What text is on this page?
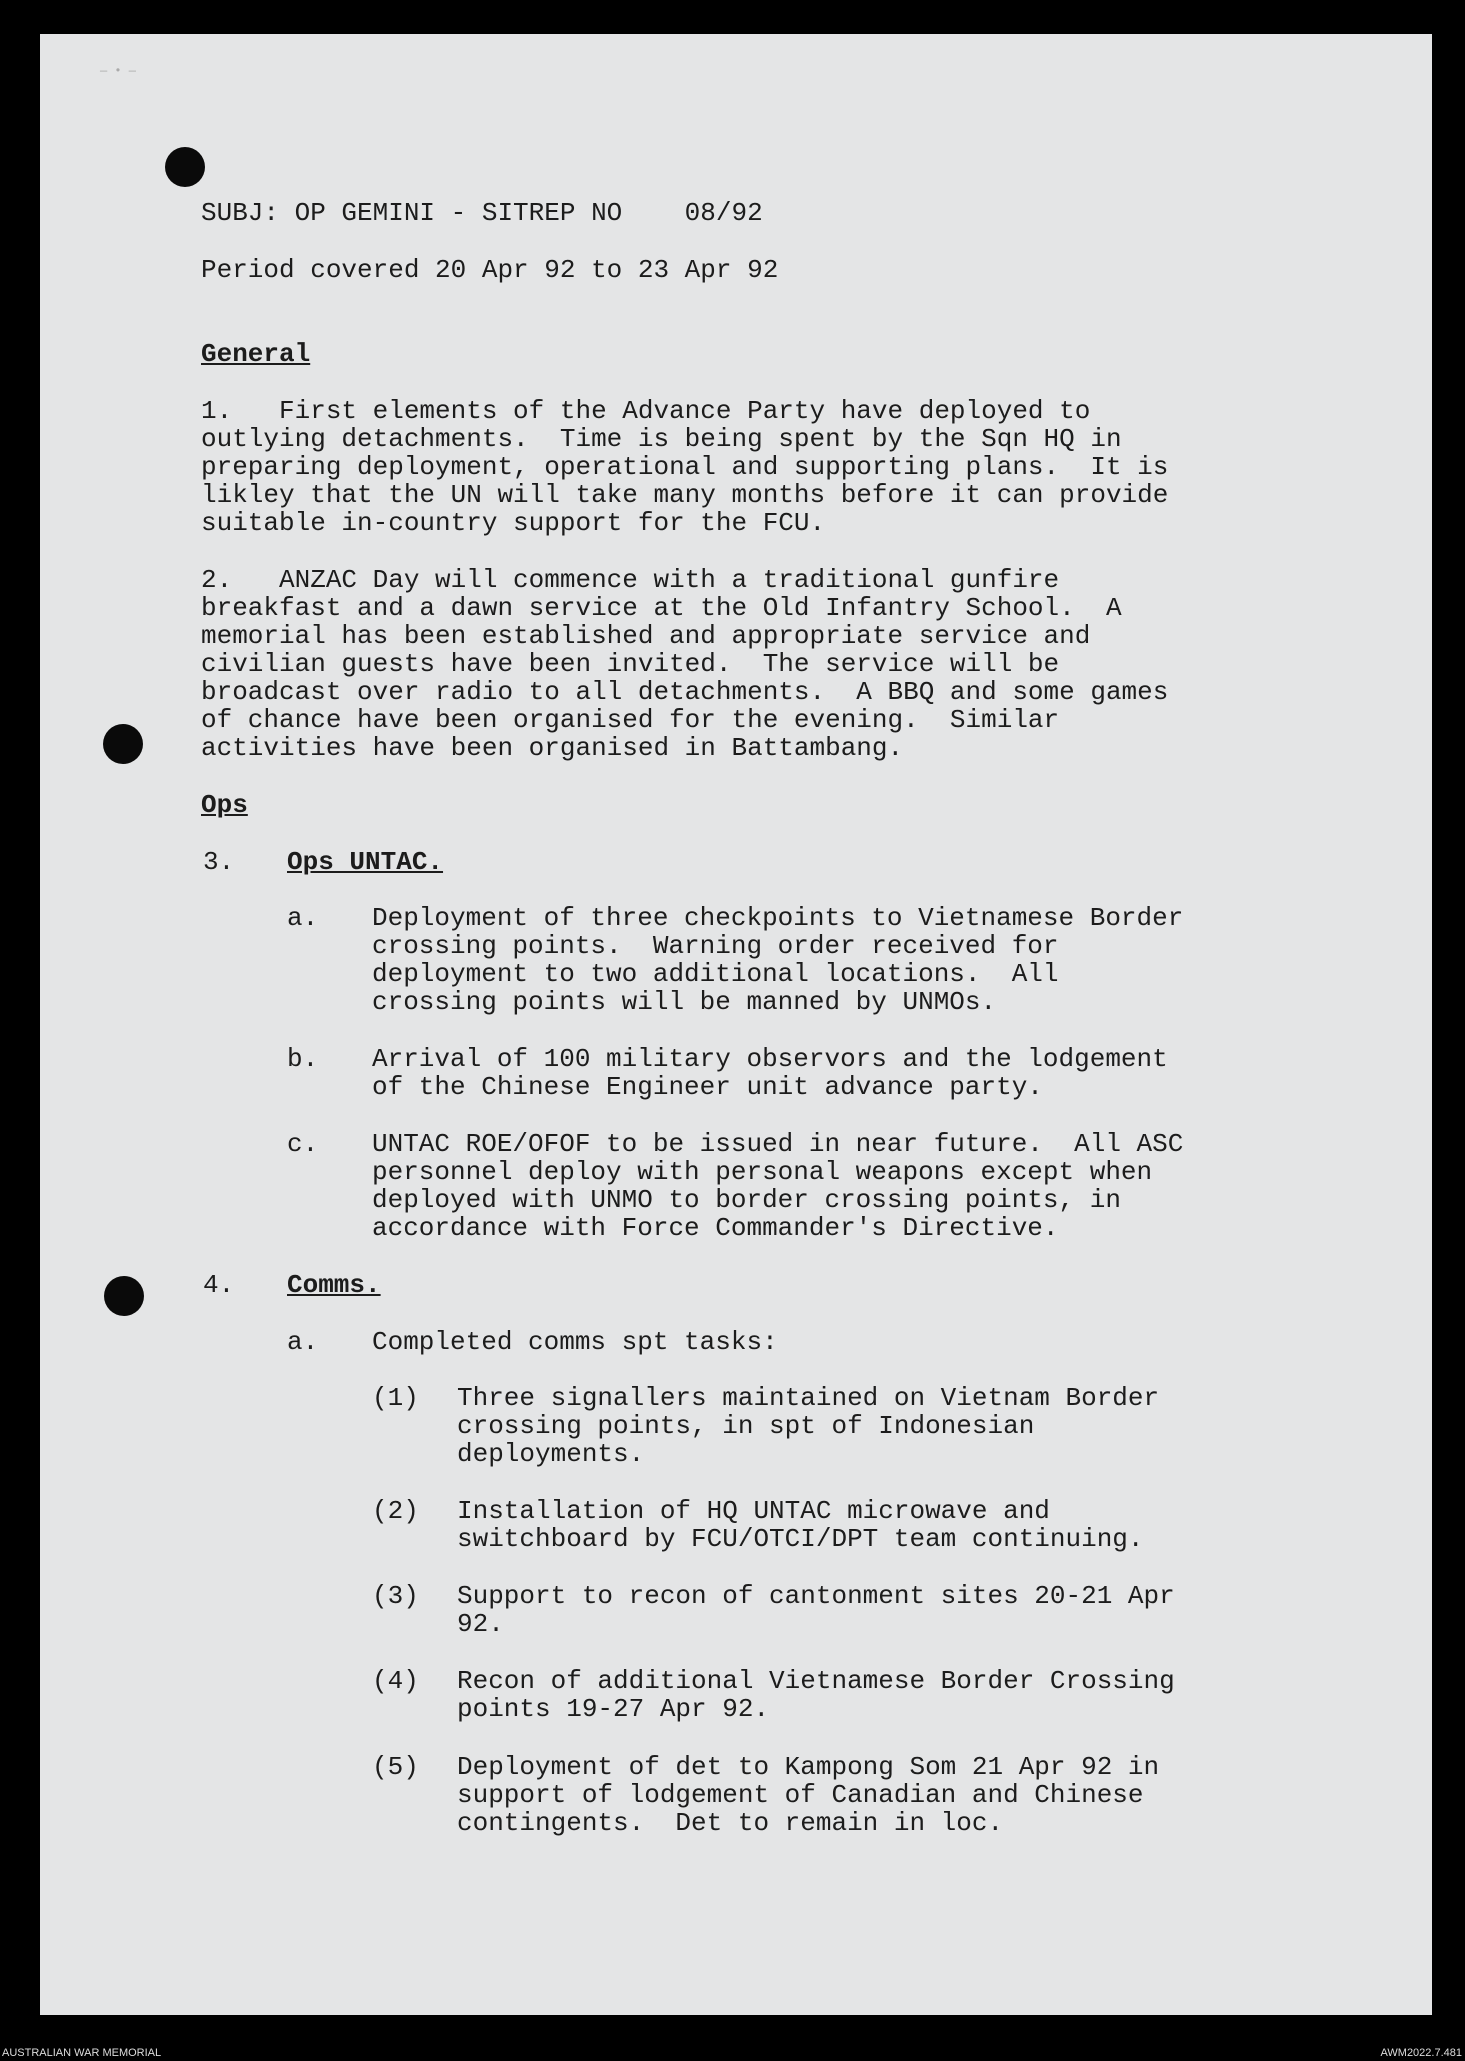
— • —
SUBJ: OP GEMINI - SITREP NO    08/92
Period covered 20 Apr 92 to 23 Apr 92
General
1.   First elements of the Advance Party have deployed to
outlying detachments.  Time is being spent by the Sqn HQ in
preparing deployment, operational and supporting plans.  It is
likley that the UN will take many months before it can provide
suitable in-country support for the FCU.
2.   ANZAC Day will commence with a traditional gunfire
breakfast and a dawn service at the Old Infantry School.  A
memorial has been established and appropriate service and
civilian guests have been invited.  The service will be
broadcast over radio to all detachments.  A BBQ and some games
of chance have been organised for the evening.  Similar
activities have been organised in Battambang.
Ops
3. Ops UNTAC.
a. Deployment of three checkpoints to Vietnamese Border
crossing points.  Warning order received for
deployment to two additional locations.  All
crossing points will be manned by UNMOs.
b. Arrival of 100 military observors and the lodgement
of the Chinese Engineer unit advance party.
c. UNTAC ROE/OFOF to be issued in near future.  All ASC
personnel deploy with personal weapons except when
deployed with UNMO to border crossing points, in
accordance with Force Commander's Directive.
4. Comms.
a. Completed comms spt tasks:
(1) Three signallers maintained on Vietnam Border
crossing points, in spt of Indonesian
deployments.
(2) Installation of HQ UNTAC microwave and
switchboard by FCU/OTCI/DPT team continuing.
(3) Support to recon of cantonment sites 20-21 Apr
92.
(4) Recon of additional Vietnamese Border Crossing
points 19-27 Apr 92.
(5) Deployment of det to Kampong Som 21 Apr 92 in
support of lodgement of Canadian and Chinese
contingents.  Det to remain in loc.
AUSTRALIAN WAR MEMORIAL	AWM2022.7.481
